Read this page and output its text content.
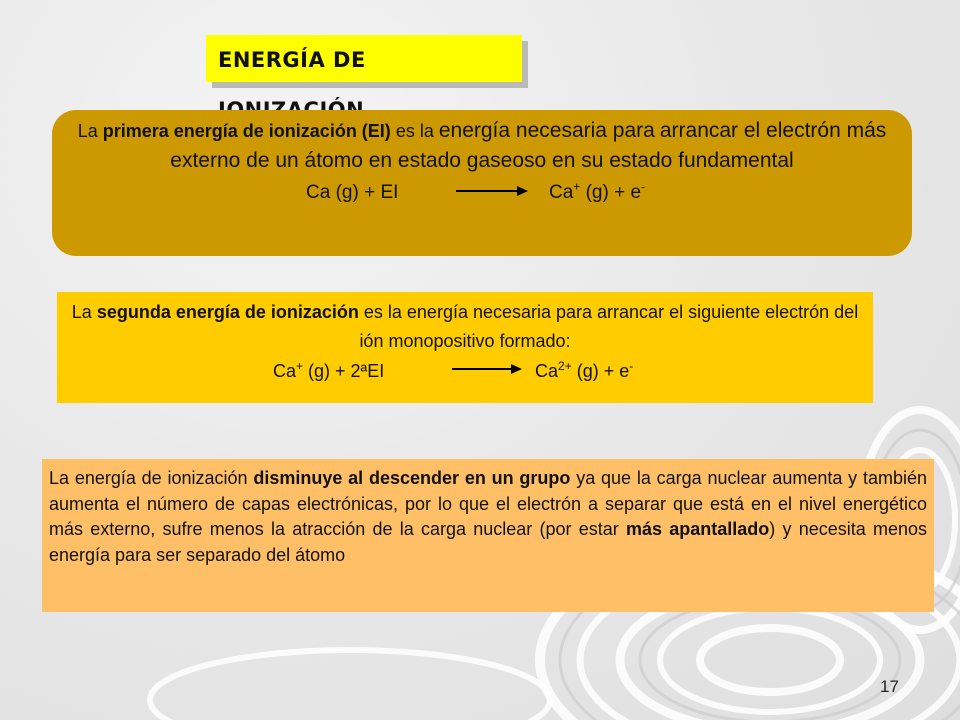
ENERGÍA DE
La primera energía de ionización (EI) es la energía necesaria para arrancar el electrón más externo de un átomo en estado gaseoso en su estado fundamental
Ca (g) + EI	→ Ca+ (g) + e-
La segunda energía de ionización es la energía necesaria para arrancar el siguiente electrón del ión monopositivo formado:
Ca+ (g) + 2ªEI	→ $Ca^{2+}$ (g) + e-
La energía de ionización disminuye al descender en un grupo ya que la carga nuclear aumenta y también aumenta el número de capas electrónicas, por lo que el electrón a separar que está en el nivel energético más externo, sufre menos la atracción de la carga nuclear (por estar más apantallado) y necesita menos energía para ser separado del átomo
17
